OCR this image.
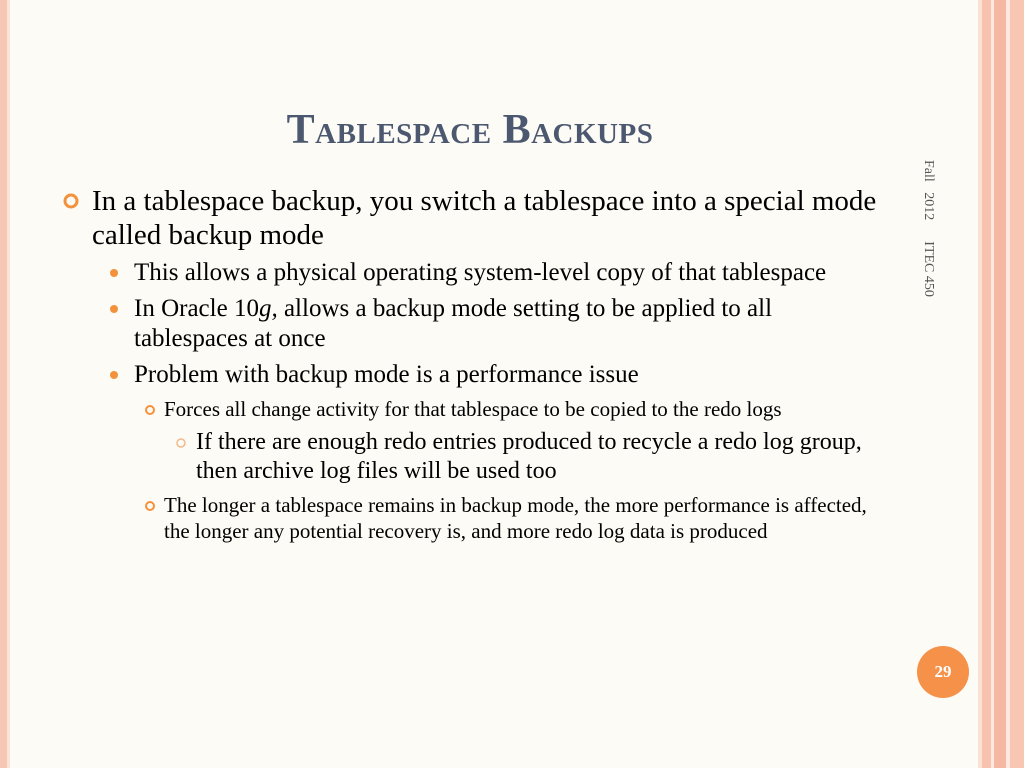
Tablespace Backups
Fall   2012      ITEC 450
In a tablespace backup, you switch a tablespace into a special mode called backup mode
This allows a physical operating system-level copy of that tablespace
In Oracle 10g, allows a backup mode setting to be applied to all tablespaces at once
Problem with backup mode is a performance issue
Forces all change activity for that tablespace to be copied to the redo logs
If there are enough redo entries produced to recycle a redo log group, then archive log files will be used too
The longer a tablespace remains in backup mode, the more performance is affected, the longer any potential recovery is, and more redo log data is produced
29
